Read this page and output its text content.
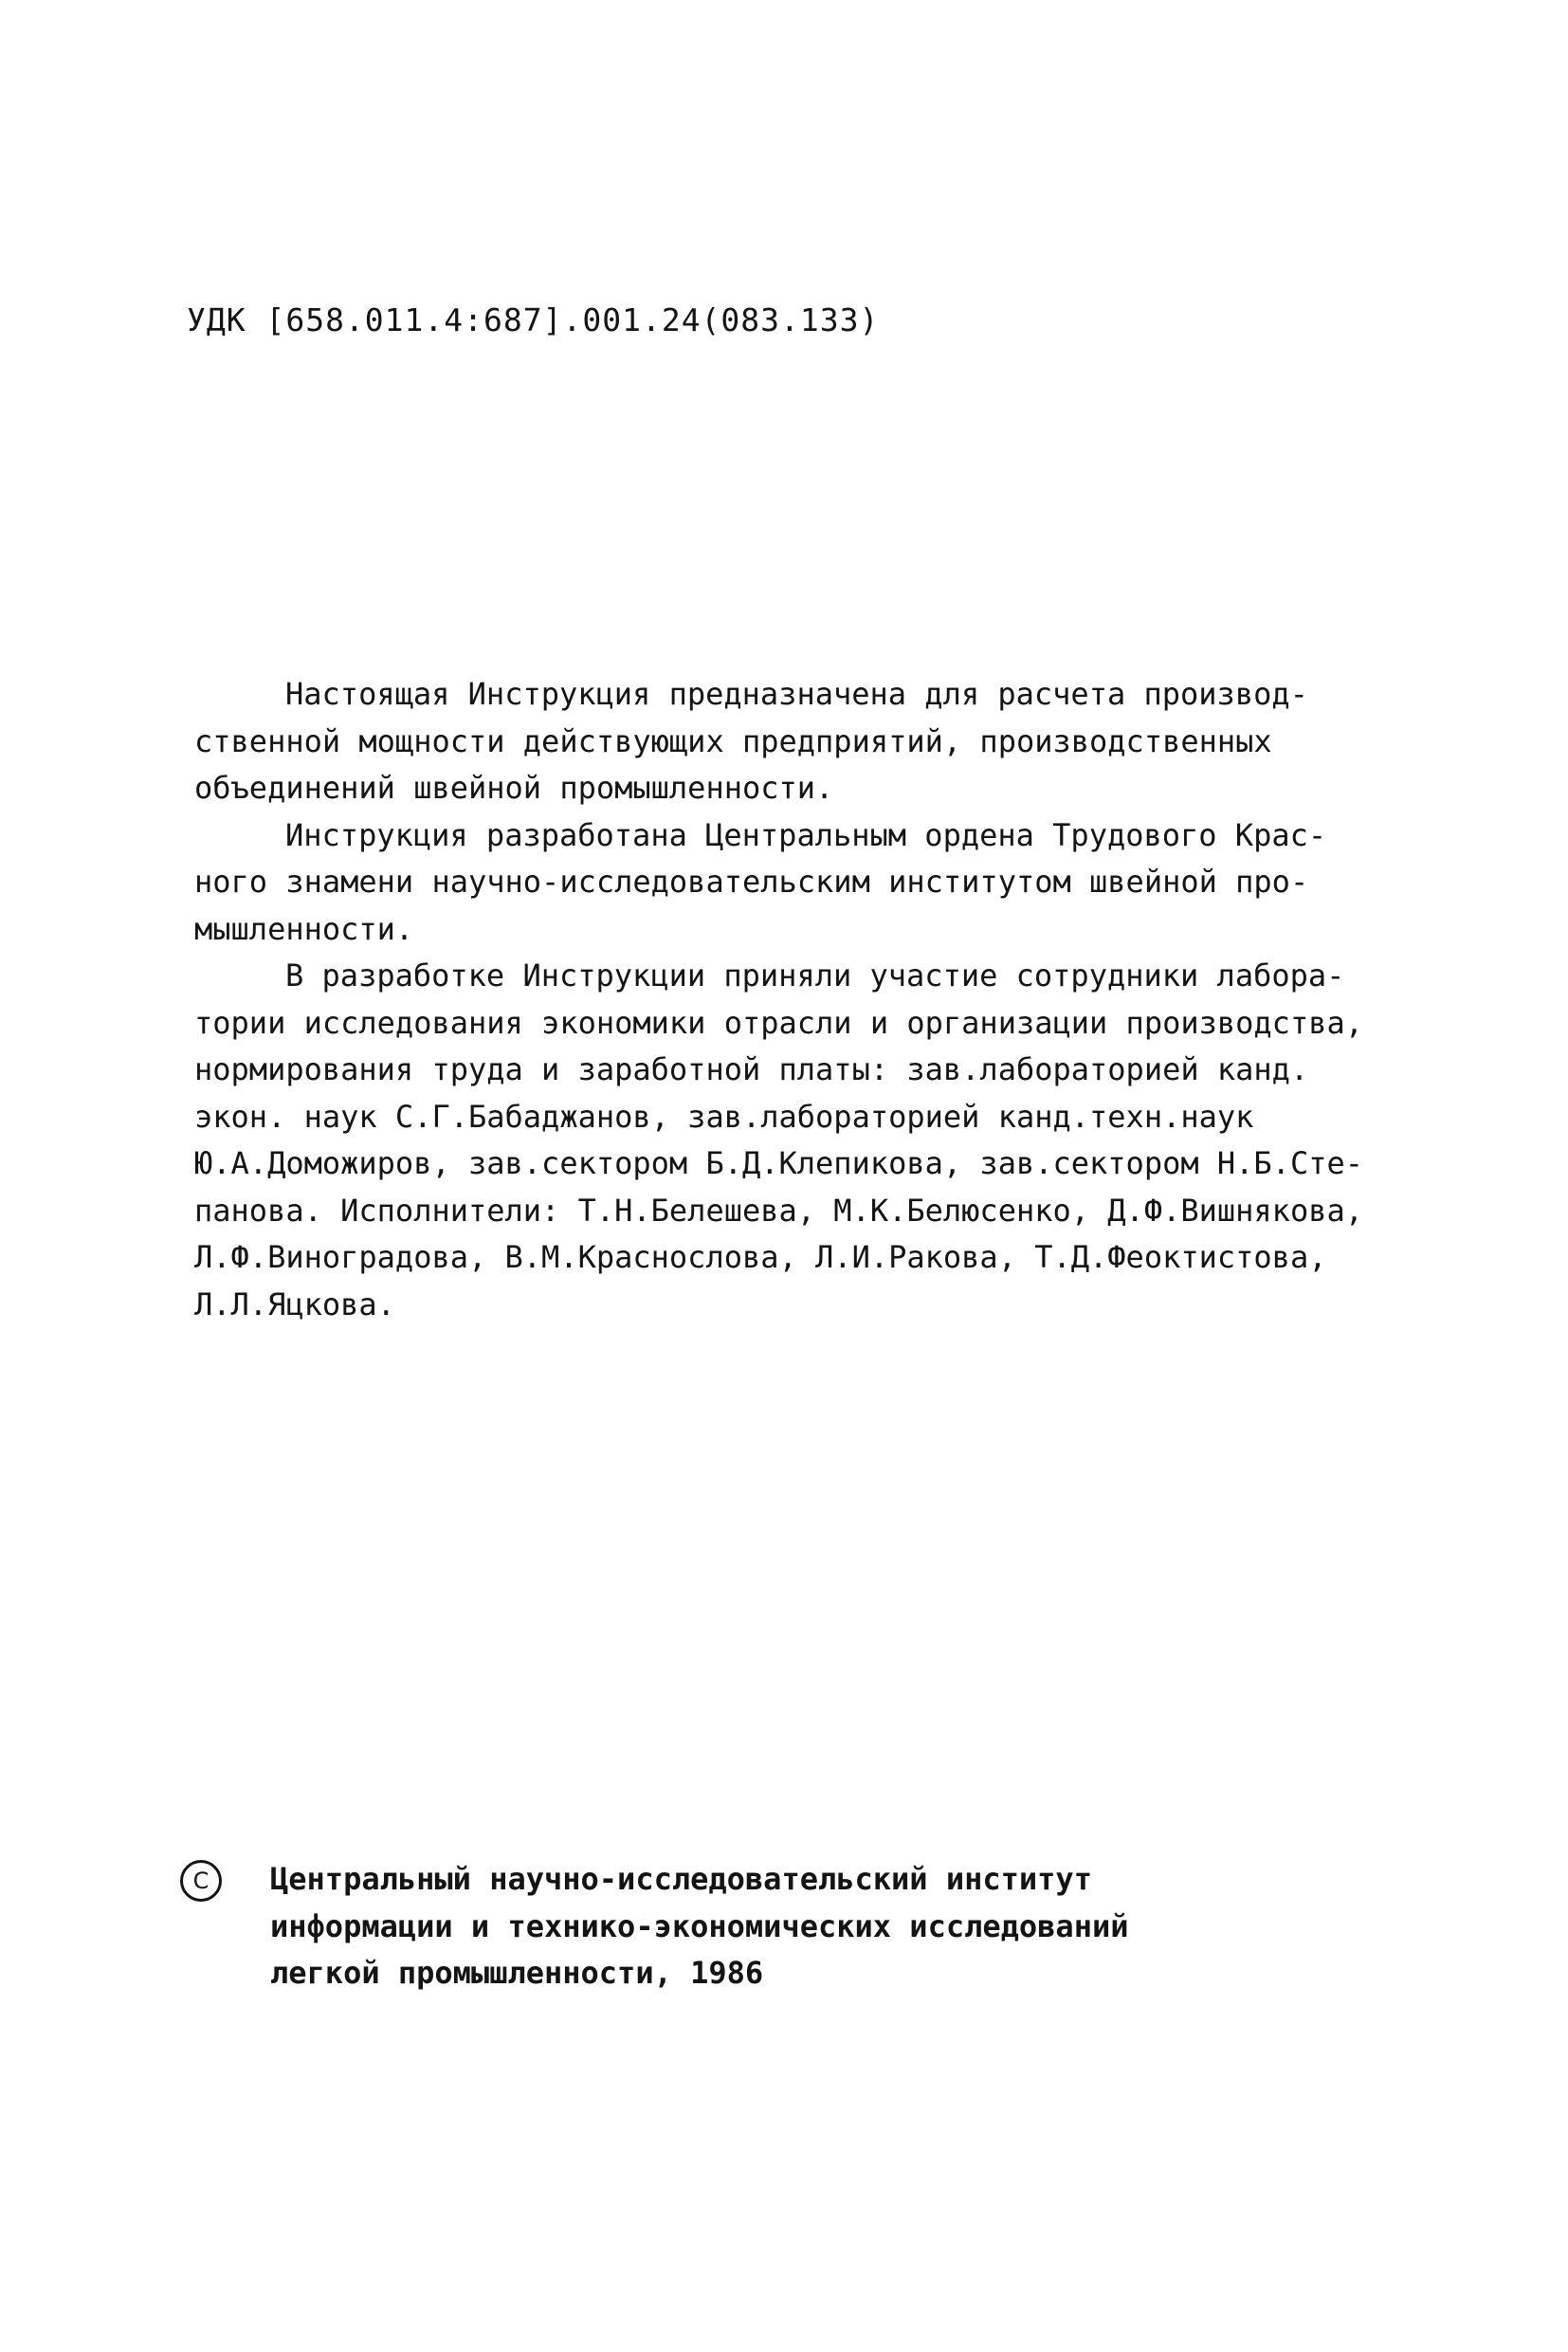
УДК [658.011.4:687].001.24(083.133)
Настоящая Инструкция предназначена для расчета производ-
ственной мощности действующих предприятий, производственных
объединений швейной промышленности.
Инструкция разработана Центральным ордена Трудового Крас-
ного знамени научно-исследовательским институтом швейной про-
мышленности.
В разработке Инструкции приняли участие сотрудники лабора-
тории исследования экономики отрасли и организации производства,
нормирования труда и заработной платы: зав.лабораторией канд.
экон. наук С.Г.Бабаджанов, зав.лабораторией канд.техн.наук
Ю.А.Доможиров, зав.сектором Б.Д.Клепикова, зав.сектором Н.Б.Сте-
панова. Исполнители: Т.Н.Белешева, М.К.Белюсенко, Д.Ф.Вишнякова,
Л.Ф.Виноградова, В.М.Краснослова, Л.И.Ракова, Т.Д.Феоктистова,
Л.Л.Яцкова.
C	Центральный научно-исследовательский институт
информации и технико-экономических исследований
легкой промышленности, 1986
